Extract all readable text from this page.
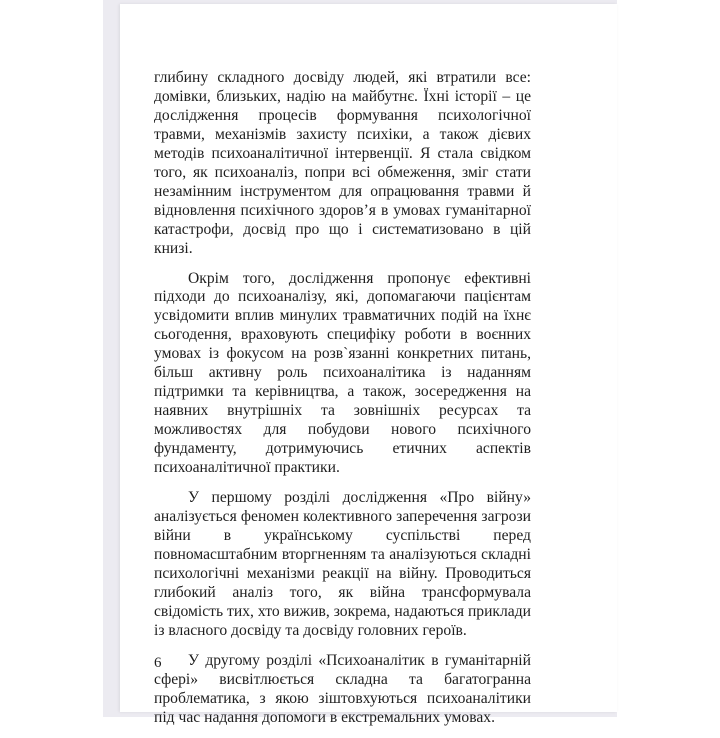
глибину складного досвіду людей, які втратили все: домівки, близьких, надію на майбутнє. Їхні історії – це дослідження процесів формування психологічної травми, механізмів захисту психіки, а також дієвих методів психоаналітичної інтервенції. Я стала свідком того, як психоаналіз, попри всі обмеження, зміг стати незамінним інструментом для опрацювання травми й відновлення психічного здоров’я в умовах гуманітарної катастрофи, досвід про що і систематизовано в цій книзі.

Окрім того, дослідження пропонує ефективні підходи до психоаналізу, які, допомагаючи пацієнтам усвідомити вплив минулих травматичних подій на їхнє сьогодення, враховують специфіку роботи в воєнних умовах із фокусом на розв`язанні конкретних питань, більш активну роль психоаналітика із наданням підтримки та керівництва, а також, зосередження на наявних внутрішніх та зовнішніх ресурсах та можливостях для побудови нового психічного фундаменту, дотримуючись етичних аспектів психоаналітичної практики.

У першому розділі дослідження «Про війну» аналізується феномен колективного заперечення загрози війни в українському суспільстві перед повномасштабним вторгненням та аналізуються складні психологічні механізми реакції на війну. Проводиться глибокий аналіз того, як війна трансформувала свідомість тих, хто вижив, зокрема, надаються приклади із власного досвіду та досвіду головних героїв.

У другому розділі «Психоаналітик в гуманітарній сфері» висвітлюється складна та багатогранна проблематика, з якою зіштовхуються психоаналітики під час надання допомоги в екстремальних умовах.

6
